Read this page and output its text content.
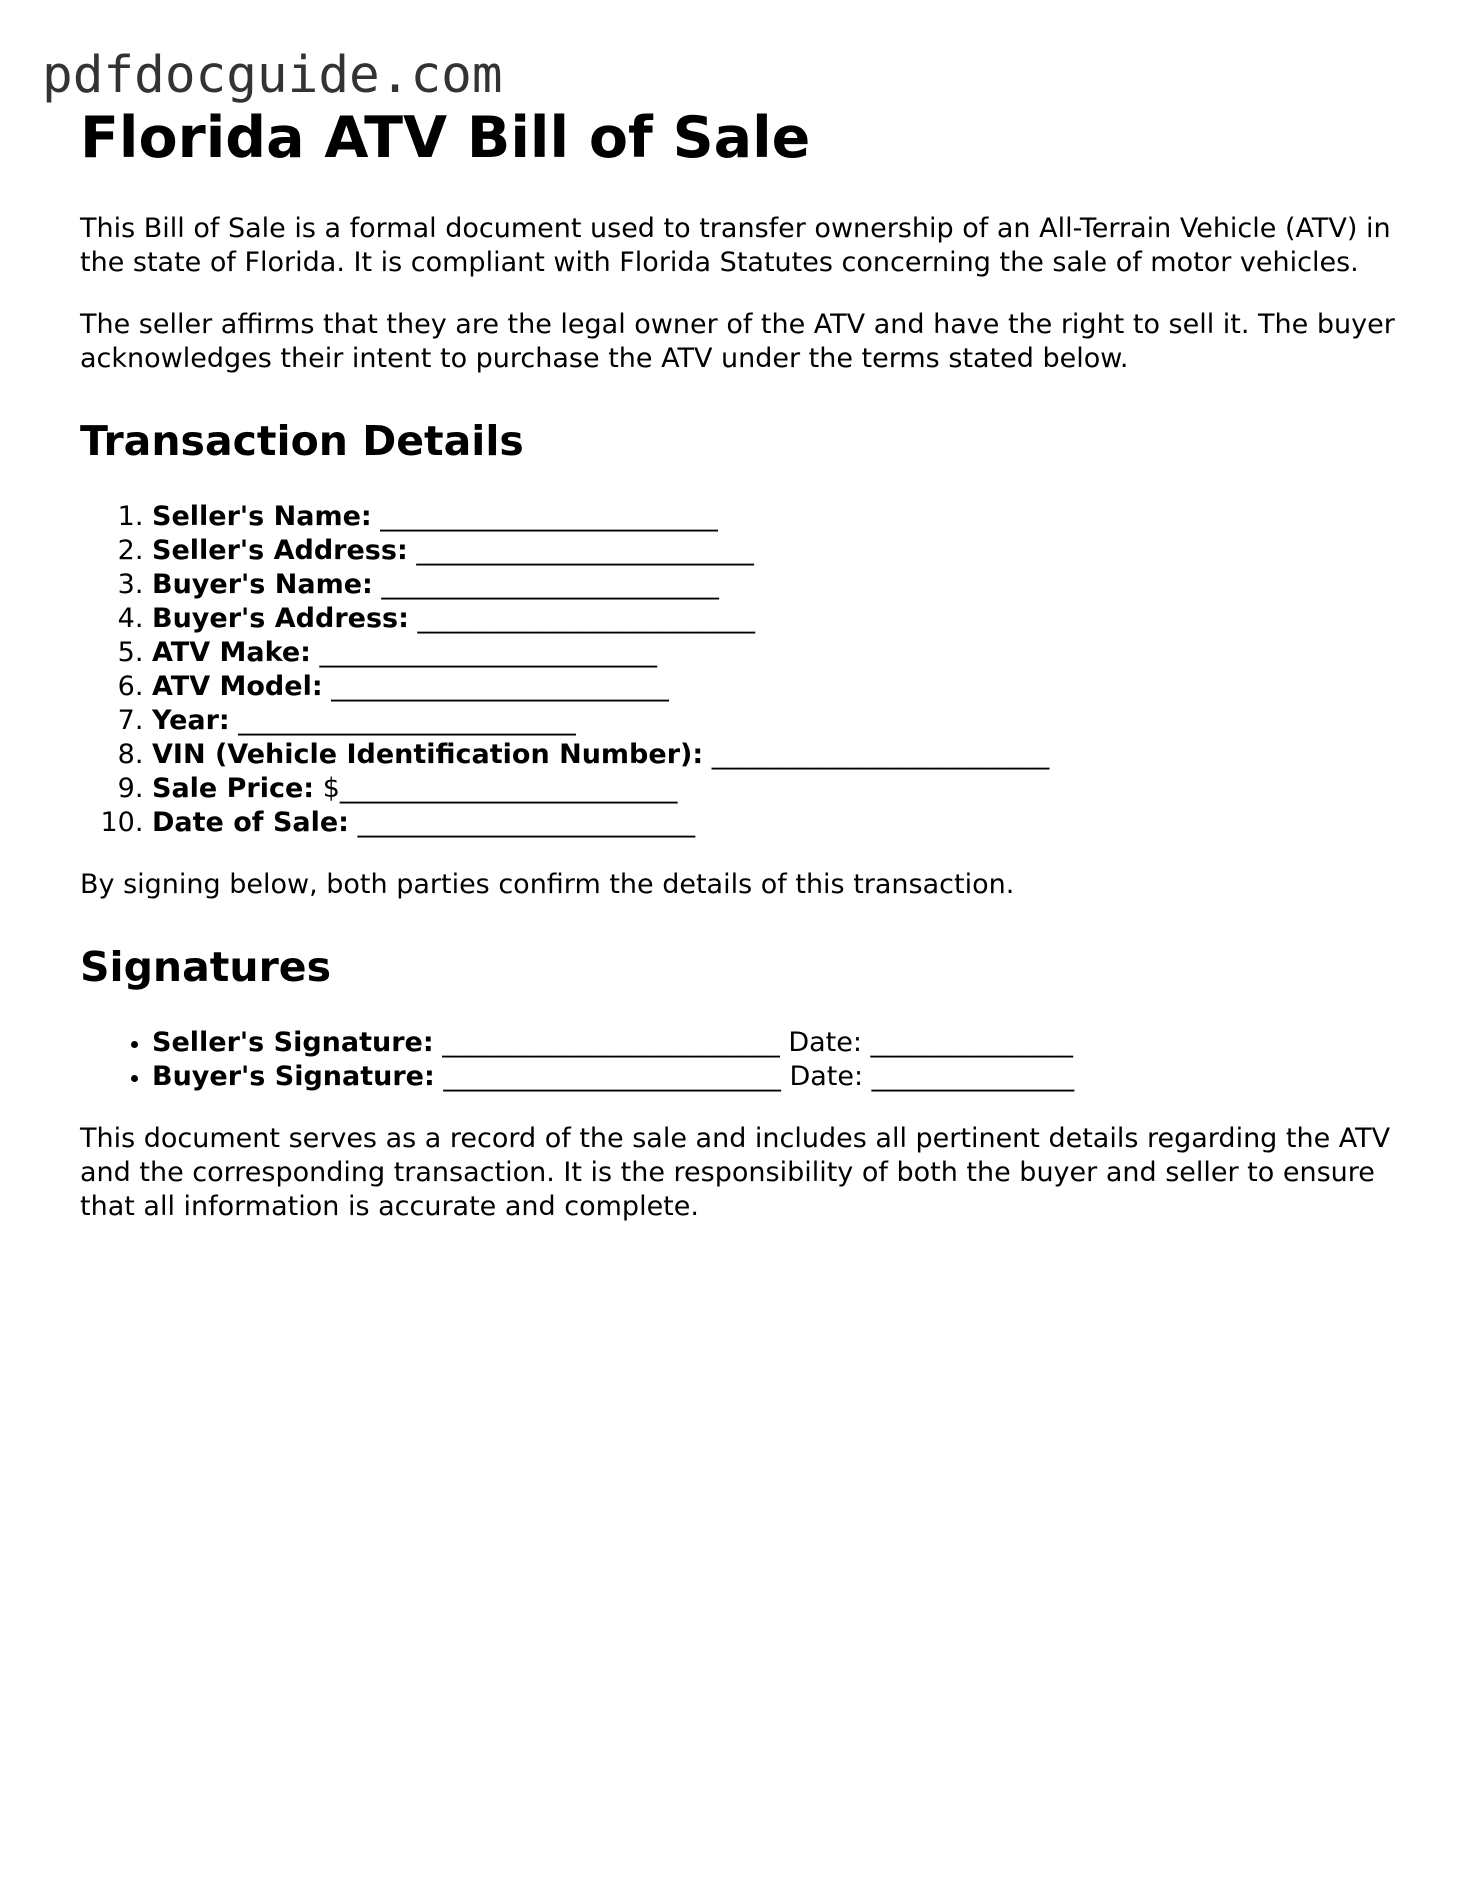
pdfdocguide.com
Florida ATV Bill of Sale

This Bill of Sale is a formal document used to transfer ownership of an All-Terrain Vehicle (ATV) in the state of Florida. It is compliant with Florida Statutes concerning the sale of motor vehicles.

The seller affirms that they are the legal owner of the ATV and have the right to sell it. The buyer acknowledges their intent to purchase the ATV under the terms stated below.

Transaction Details
1. Seller's Name: _________________________
2. Seller's Address: _________________________
3. Buyer's Name: _________________________
4. Buyer's Address: _________________________
5. ATV Make: _________________________
6. ATV Model: _________________________
7. Year: _________________________
8. VIN (Vehicle Identification Number): _________________________
9. Sale Price: $_________________________
10. Date of Sale: _________________________

By signing below, both parties confirm the details of this transaction.

Signatures
• Seller's Signature: _________________________ Date: _______________
• Buyer's Signature: _________________________ Date: _______________

This document serves as a record of the sale and includes all pertinent details regarding the ATV and the corresponding transaction. It is the responsibility of both the buyer and seller to ensure that all information is accurate and complete.
